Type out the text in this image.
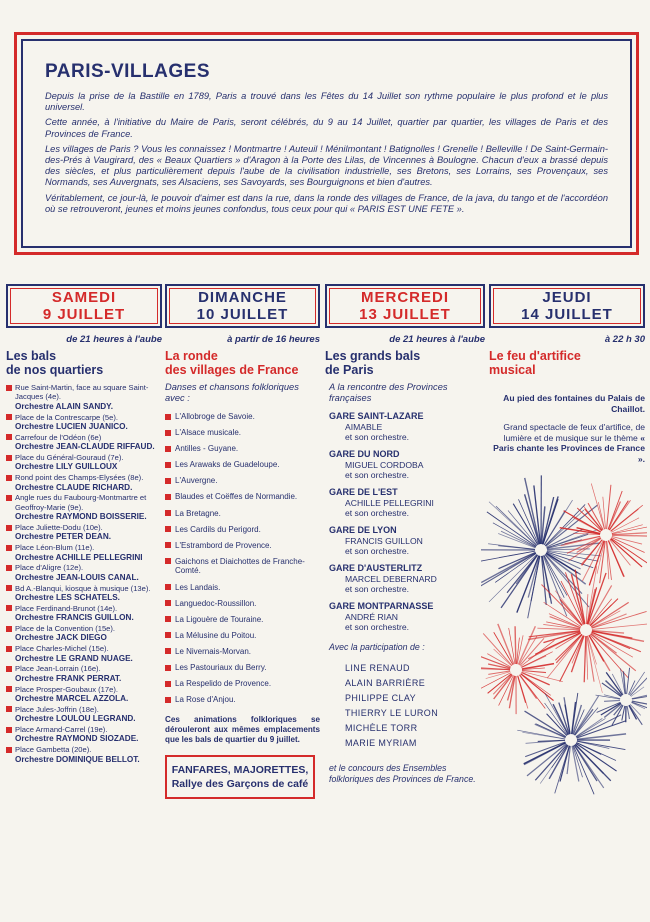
PARIS-VILLAGES

Depuis la prise de la Bastille en 1789, Paris a trouvé dans les Fêtes du 14 Juillet son rythme populaire le plus profond et le plus universel.

Cette année, à l'initiative du Maire de Paris, seront célébrés, du 9 au 14 Juillet, quartier par quartier, les villages de Paris et des Provinces de France.

Les villages de Paris ? Vous les connaissez ! Montmartre ! Auteuil ! Ménilmontant ! Batignolles ! Grenelle ! Belleville ! De Saint-Germain-des-Prés à Vaugirard, des « Beaux Quartiers » d'Aragon à la Porte des Lilas, de Vincennes à Boulogne. Chacun d'eux a brassé depuis des siècles, et plus particulièrement depuis l'aube de la civilisation industrielle, ses Bretons, ses Lorrains, ses Provençaux, ses Normands, ses Auvergnats, ses Alsaciens, ses Savoyards, ses Bourguignons et bien d'autres.

Véritablement, ce jour-là, le pouvoir d'aimer est dans la rue, dans la ronde des villages de France, de la java, du tango et de l'accordéon où se retrouveront, jeunes et moins jeunes confondus, tous ceux pour qui « PARIS EST UNE FETE ».

SAMEDI
9 JUILLET
de 21 heures à l'aube
Les bals
de nos quartiers
Rue Saint-Martin, face au square Saint-Jacques (4e).
Orchestre ALAIN SANDY.
Place de la Contrescarpe (5e).
Orchestre LUCIEN JUANICO.
Carrefour de l'Odéon (6e)
Orchestre JEAN-CLAUDE RIFFAUD.
Place du Général-Gouraud (7e).
Orchestre LILY GUILLOUX
Rond point des Champs-Elysées (8e).
Orchestre CLAUDE RICHARD.
Angle rues du Faubourg-Montmartre et Geoffroy-Marie (9e).
Orchestre RAYMOND BOISSERIE.
Place Juliette-Dodu (10e).
Orchestre PETER DEAN.
Place Léon-Blum (11e).
Orchestre ACHILLE PELLEGRINI
Place d'Aligre (12e).
Orchestre JEAN-LOUIS CANAL.
Bd A.-Blanqui, kiosque à musique (13e).
Orchestre LES SCHATELS.
Place Ferdinand-Brunot (14e).
Orchestre FRANCIS GUILLON.
Place de la Convention (15e).
Orchestre JACK DIEGO
Place Charles-Michel (15e).
Orchestre LE GRAND NUAGE.
Place Jean-Lorrain (16e).
Orchestre FRANK PERRAT.
Place Prosper-Goubaux (17e).
Orchestre MARCEL AZZOLA.
Place Jules-Joffrin (18e).
Orchestre LOULOU LEGRAND.
Place Armand-Carrel (19e).
Orchestre RAYMOND SIOZADE.
Place Gambetta (20e).
Orchestre DOMINIQUE BELLOT.
DIMANCHE
10 JUILLET
à partir de 16 heures
La ronde
des villages de France
Danses et chansons folkloriques avec :
L'Allobroge de Savoie.
L'Alsace musicale.
Antilles - Guyane.
Les Arawaks de Guadeloupe.
L'Auvergne.
Blaudes et Coëffes de Normandie.
La Bretagne.
Les Cardils du Perigord.
L'Estrambord de Provence.
Gaichons et Diaichottes de Franche-Comté.
Les Landais.
Languedoc-Roussillon.
La Ligouère de Touraine.
La Mélusine du Poitou.
Le Nivernais-Morvan.
Les Pastouriaux du Berry.
La Respelido de Provence.
La Rose d'Anjou.
Ces animations folkloriques se dérouleront aux mêmes emplacements que les bals de quartier du 9 juillet.
FANFARES, MAJORETTES,
Rallye des Garçons de café
MERCREDI
13 JUILLET
de 21 heures à l'aube
Les grands bals
de Paris
A la rencontre des Provinces françaises
GARE SAINT-LAZARE
AIMABLE
et son orchestre.
GARE DU NORD
MIGUEL CORDOBA
et son orchestre.
GARE DE L'EST
ACHILLE PELLEGRINI
et son orchestre.
GARE DE LYON
FRANCIS GUILLON
et son orchestre.
GARE D'AUSTERLITZ
MARCEL DEBERNARD
et son orchestre.
GARE MONTPARNASSE
ANDRÉ RIAN
et son orchestre.
Avec la participation de :
LINE RENAUD
ALAIN BARRIÈRE
PHILIPPE CLAY
THIERRY LE LURON
MICHÈLE TORR
MARIE MYRIAM
et le concours des Ensembles folkloriques des Provinces de France.
JEUDI
14 JUILLET
à 22 h 30
Le feu d'artifice
musical
Au pied des fontaines du Palais de Chaillot.
Grand spectacle de feux d'artifice, de lumière et de musique sur le thème « Paris chante les Provinces de France ».
